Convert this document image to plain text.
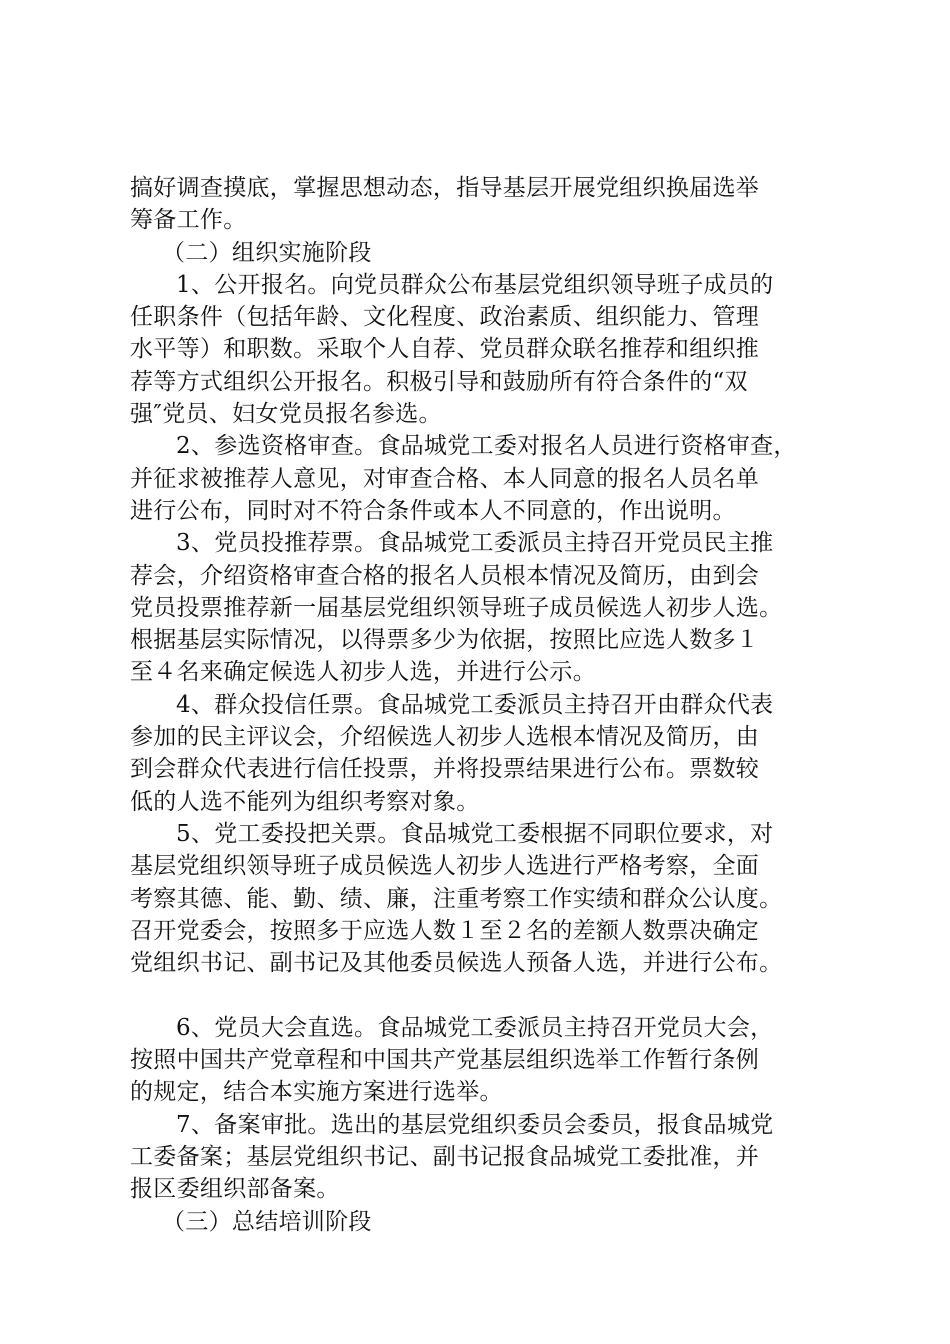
搞好调查摸底，掌握思想动态，指导基层开展党组织换届选举
筹备工作。
（二）组织实施阶段
1、公开报名。向党员群众公布基层党组织领导班子成员的
任职条件（包括年龄、文化程度、政治素质、组织能力、管理
水平等）和职数。采取个人自荐、党员群众联名推荐和组织推
荐等方式组织公开报名。积极引导和鼓励所有符合条件的“双
强″党员、妇女党员报名参选。
2、参选资格审查。食品城党工委对报名人员进行资格审查，
并征求被推荐人意见，对审查合格、本人同意的报名人员名单
进行公布，同时对不符合条件或本人不同意的，作出说明。
3、党员投推荐票。食品城党工委派员主持召开党员民主推
荐会，介绍资格审查合格的报名人员根本情况及简历，由到会
党员投票推荐新一届基层党组织领导班子成员候选人初步人选。
根据基层实际情况，以得票多少为依据，按照比应选人数多１
至４名来确定候选人初步人选，并进行公示。
4、群众投信任票。食品城党工委派员主持召开由群众代表
参加的民主评议会，介绍候选人初步人选根本情况及简历，由
到会群众代表进行信任投票，并将投票结果进行公布。票数较
低的人选不能列为组织考察对象。
5、党工委投把关票。食品城党工委根据不同职位要求，对
基层党组织领导班子成员候选人初步人选进行严格考察，全面
考察其德、能、勤、绩、廉，注重考察工作实绩和群众公认度。
召开党委会，按照多于应选人数１至２名的差额人数票决确定
党组织书记、副书记及其他委员候选人预备人选，并进行公布。
6、党员大会直选。食品城党工委派员主持召开党员大会，
按照中国共产党章程和中国共产党基层组织选举工作暂行条例
的规定，结合本实施方案进行选举。
7、备案审批。选出的基层党组织委员会委员，报食品城党
工委备案；基层党组织书记、副书记报食品城党工委批准，并
报区委组织部备案。
（三）总结培训阶段
